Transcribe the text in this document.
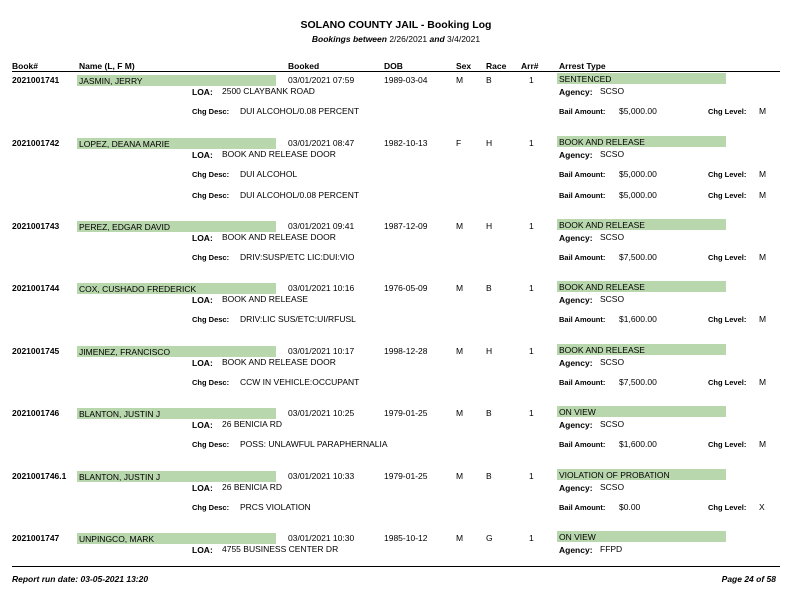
SOLANO COUNTY JAIL - Booking Log
Bookings between 2/26/2021 and 3/4/2021
Book#	Name (L, F M)	Booked	DOB	Sex Race Arr# Arrest Type
2021001741 JASMIN, JERRY	03/01/2021 07:59	1989-03-04	M	B	1	SENTENCED
LOA: 2500 CLAYBANK ROAD	Agency: SCSO
Chg Desc: DUI ALCOHOL/0.08 PERCENT	Bail Amount: $5,000.00	Chg Level: M
2021001742 LOPEZ, DEANA MARIE	03/01/2021 08:47	1982-10-13	F	H	1	BOOK AND RELEASE
LOA: BOOK AND RELEASE DOOR	Agency: SCSO
Chg Desc: DUI ALCOHOL	Bail Amount: $5,000.00	Chg Level: M
Chg Desc: DUI ALCOHOL/0.08 PERCENT	Bail Amount: $5,000.00	Chg Level: M
2021001743 PEREZ, EDGAR DAVID	03/01/2021 09:41	1987-12-09	M	H	1	BOOK AND RELEASE
LOA: BOOK AND RELEASE DOOR	Agency: SCSO
Chg Desc: DRIV:SUSP/ETC LIC:DUI:VIO	Bail Amount: $7,500.00	Chg Level: M
2021001744 COX, CUSHADO FREDERICK	03/01/2021 10:16	1976-05-09	M	B	1	BOOK AND RELEASE
LOA: BOOK AND RELEASE	Agency: SCSO
Chg Desc: DRIV:LIC SUS/ETC:UI/RFUSL	Bail Amount: $1,600.00	Chg Level: M
2021001745 JIMENEZ, FRANCISCO	03/01/2021 10:17	1998-12-28	M	H	1	BOOK AND RELEASE
LOA: BOOK AND RELEASE DOOR	Agency: SCSO
Chg Desc: CCW IN VEHICLE:OCCUPANT	Bail Amount: $7,500.00	Chg Level: M
2021001746 BLANTON, JUSTIN J	03/01/2021 10:25	1979-01-25	M	B	1	ON VIEW
LOA: 26 BENICIA RD	Agency: SCSO
Chg Desc: POSS: UNLAWFUL PARAPHERNALIA	Bail Amount: $1,600.00	Chg Level: M
2021001746.1 BLANTON, JUSTIN J	03/01/2021 10:33	1979-01-25	M	B	1	VIOLATION OF PROBATION
LOA: 26 BENICIA RD	Agency: SCSO
Chg Desc: PRCS VIOLATION	Bail Amount: $0.00	Chg Level: X
2021001747 UNPINGCO, MARK	03/01/2021 10:30	1985-10-12	M	G	1	ON VIEW
LOA: 4755 BUSINESS CENTER DR	Agency: FFPD
Report run date: 03-05-2021 13:20	Page 24 of 58
